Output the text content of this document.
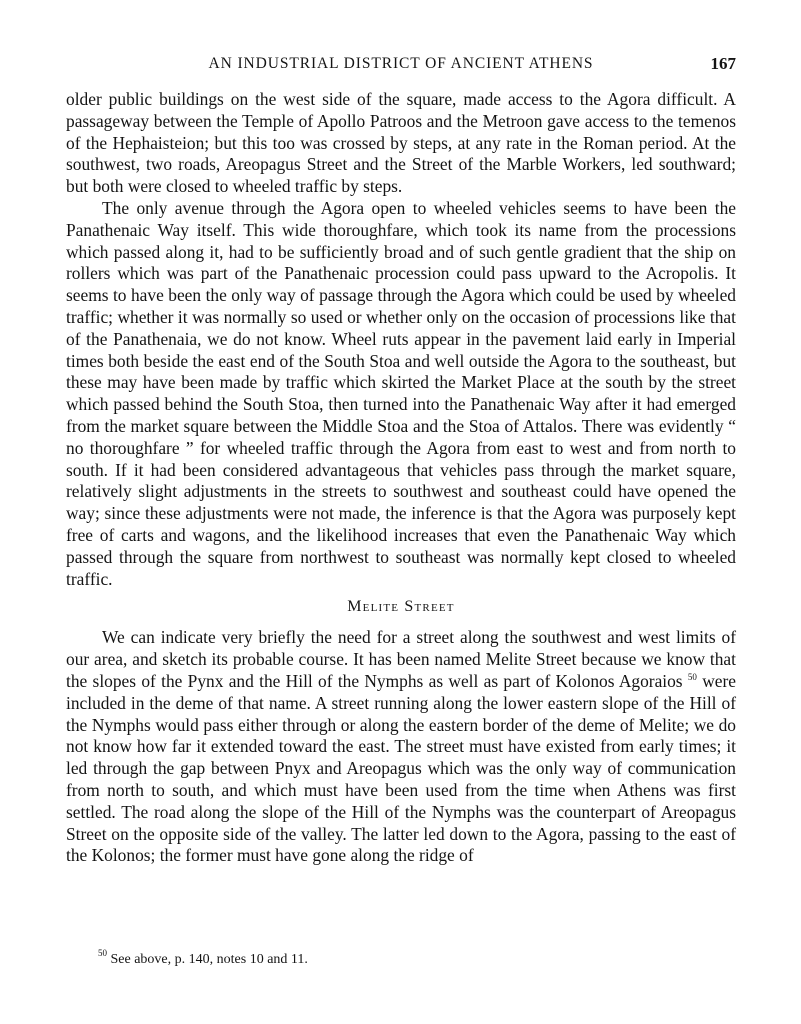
AN INDUSTRIAL DISTRICT OF ANCIENT ATHENS	167

older public buildings on the west side of the square, made access to the Agora difficult. A passageway between the Temple of Apollo Patroos and the Metroon gave access to the temenos of the Hephaisteion; but this too was crossed by steps, at any rate in the Roman period. At the southwest, two roads, Areopagus Street and the Street of the Marble Workers, led southward; but both were closed to wheeled traffic by steps.

The only avenue through the Agora open to wheeled vehicles seems to have been the Panathenaic Way itself. This wide thoroughfare, which took its name from the processions which passed along it, had to be sufficiently broad and of such gentle gradient that the ship on rollers which was part of the Panathenaic procession could pass upward to the Acropolis. It seems to have been the only way of passage through the Agora which could be used by wheeled traffic; whether it was normally so used or whether only on the occasion of processions like that of the Panathenaia, we do not know. Wheel ruts appear in the pavement laid early in Imperial times both beside the east end of the South Stoa and well outside the Agora to the southeast, but these may have been made by traffic which skirted the Market Place at the south by the street which passed behind the South Stoa, then turned into the Panathenaic Way after it had emerged from the market square between the Middle Stoa and the Stoa of Attalos. There was evidently “ no thoroughfare ” for wheeled traffic through the Agora from east to west and from north to south. If it had been considered advantageous that vehicles pass through the market square, relatively slight adjustments in the streets to southwest and southeast could have opened the way; since these adjustments were not made, the inference is that the Agora was purposely kept free of carts and wagons, and the likelihood increases that even the Panathenaic Way which passed through the square from northwest to southeast was normally kept closed to wheeled traffic.

Melite Street

We can indicate very briefly the need for a street along the southwest and west limits of our area, and sketch its probable course. It has been named Melite Street because we know that the slopes of the Pynx and the Hill of the Nymphs as well as part of Kolonos Agoraios $^{50}$ were included in the deme of that name. A street running along the lower eastern slope of the Hill of the Nymphs would pass either through or along the eastern border of the deme of Melite; we do not know how far it extended toward the east. The street must have existed from early times; it led through the gap between Pnyx and Areopagus which was the only way of communication from north to south, and which must have been used from the time when Athens was first settled. The road along the slope of the Hill of the Nymphs was the counterpart of Areopagus Street on the opposite side of the valley. The latter led down to the Agora, passing to the east of the Kolonos; the former must have gone along the ridge of

$^{50}$ See above, p. 140, notes 10 and 11.
